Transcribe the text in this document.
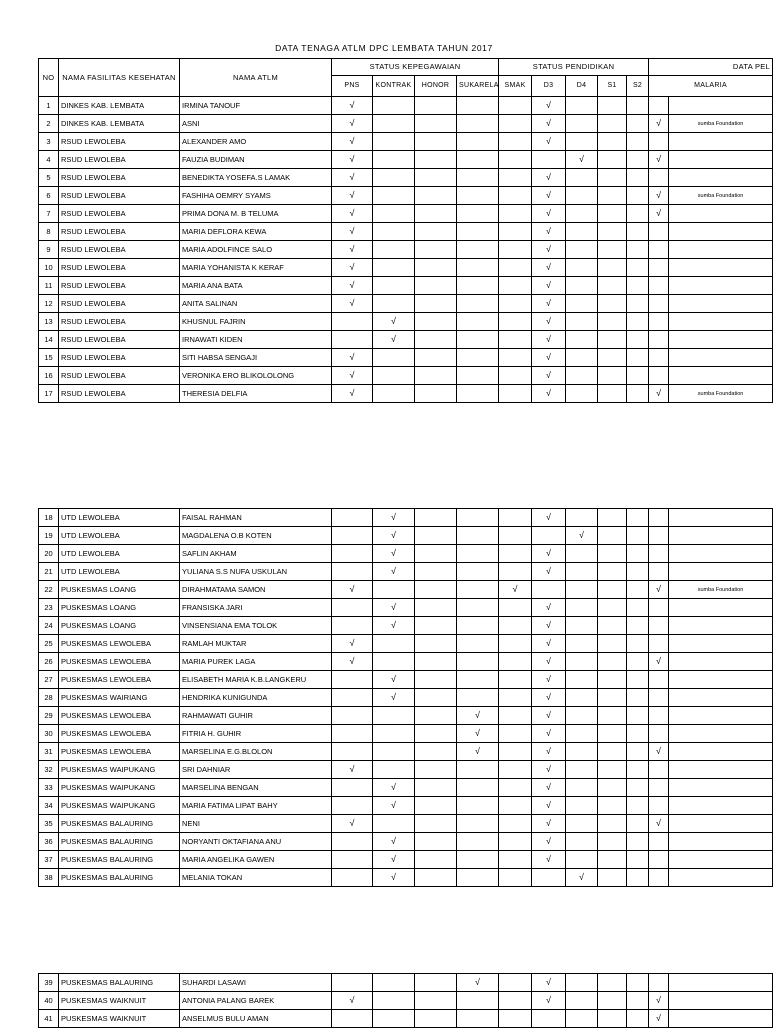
DATA TENAGA ATLM DPC LEMBATA TAHUN 2017
NO	NAMA FASILITAS KESEHATAN	NAMA ATLM	STATUS KEPEGAWAIAN				STATUS PENDIDIKAN					DATA PEL	
			PNS	KONTRAK	HONOR	SUKARELA	SMAK	D3	D4	S1	S2	MALARIA	
1	DINKES KAB. LEMBATA	IRMINA TANOUF	√					√					
2	DINKES KAB. LEMBATA	ASNI	√					√				√	sumba Foundation
3	RSUD LEWOLEBA	ALEXANDER AMO	√					√					
4	RSUD LEWOLEBA	FAUZIA BUDIMAN	√						√			√	
5	RSUD LEWOLEBA	BENEDIKTA YOSEFA.S LAMAK	√					√					
6	RSUD LEWOLEBA	FASHIHA OEMRY SYAMS	√					√				√	sumba Foundation
7	RSUD LEWOLEBA	PRIMA DONA M. B TELUMA	√					√				√	
8	RSUD LEWOLEBA	MARIA DEFLORA KEWA	√					√					
9	RSUD LEWOLEBA	MARIA ADOLFINCE SALO	√					√					
10	RSUD LEWOLEBA	MARIA YOHANISTA K KERAF	√					√					
11	RSUD LEWOLEBA	MARIA ANA BATA	√					√					
12	RSUD LEWOLEBA	ANITA SALINAN	√					√					
13	RSUD LEWOLEBA	KHUSNUL FAJRIN		√				√					
14	RSUD LEWOLEBA	IRNAWATI KIDEN		√				√					
15	RSUD LEWOLEBA	SITI HABSA SENGAJI	√					√					
16	RSUD LEWOLEBA	VERONIKA ERO BLIKOLOLONG	√					√					
17	RSUD LEWOLEBA	THERESIA DELFIA	√					√				√	sumba Foundation
18	UTD LEWOLEBA	FAISAL RAHMAN		√				√					
19	UTD LEWOLEBA	MAGDALENA O.B KOTEN		√					√				
20	UTD LEWOLEBA	SAFLIN AKHAM		√				√					
21	UTD LEWOLEBA	YULIANA S.S NUFA USKULAN		√				√					
22	PUSKESMAS LOANG	DIRAHMATAMA SAMON	√				√					√	sumba Foundation
23	PUSKESMAS LOANG	FRANSISKA JARI		√				√					
24	PUSKESMAS LOANG	VINSENSIANA EMA TOLOK		√				√					
25	PUSKESMAS LEWOLEBA	RAMLAH MUKTAR	√					√					
26	PUSKESMAS LEWOLEBA	MARIA PUREK LAGA	√					√				√	
27	PUSKESMAS LEWOLEBA	ELISABETH MARIA K.B.LANGKERU		√				√					
28	PUSKESMAS WAIRIANG	HENDRIKA KUNIGUNDA		√				√					
29	PUSKESMAS LEWOLEBA	RAHMAWATI GUHIR				√		√					
30	PUSKESMAS LEWOLEBA	FITRIA H. GUHIR				√		√					
31	PUSKESMAS LEWOLEBA	MARSELINA E.G.BLOLON				√		√				√	
32	PUSKESMAS WAIPUKANG	SRI DAHNIAR	√					√					
33	PUSKESMAS WAIPUKANG	MARSELINA BENGAN		√				√					
34	PUSKESMAS WAIPUKANG	MARIA FATIMA LIPAT BAHY		√				√					
35	PUSKESMAS BALAURING	NENI	√					√				√	
36	PUSKESMAS BALAURING	NORYANTI OKTAFIANA ANU		√				√					
37	PUSKESMAS BALAURING	MARIA ANGELIKA GAWEN		√				√					
38	PUSKESMAS BALAURING	MELANIA TOKAN		√					√				
39	PUSKESMAS BALAURING	SUHARDI LASAWI				√		√					
40	PUSKESMAS WAIKNUIT	ANTONIA PALANG BAREK	√					√				√	
41	PUSKESMAS WAIKNUIT	ANSELMUS BULU AMAN										√	
